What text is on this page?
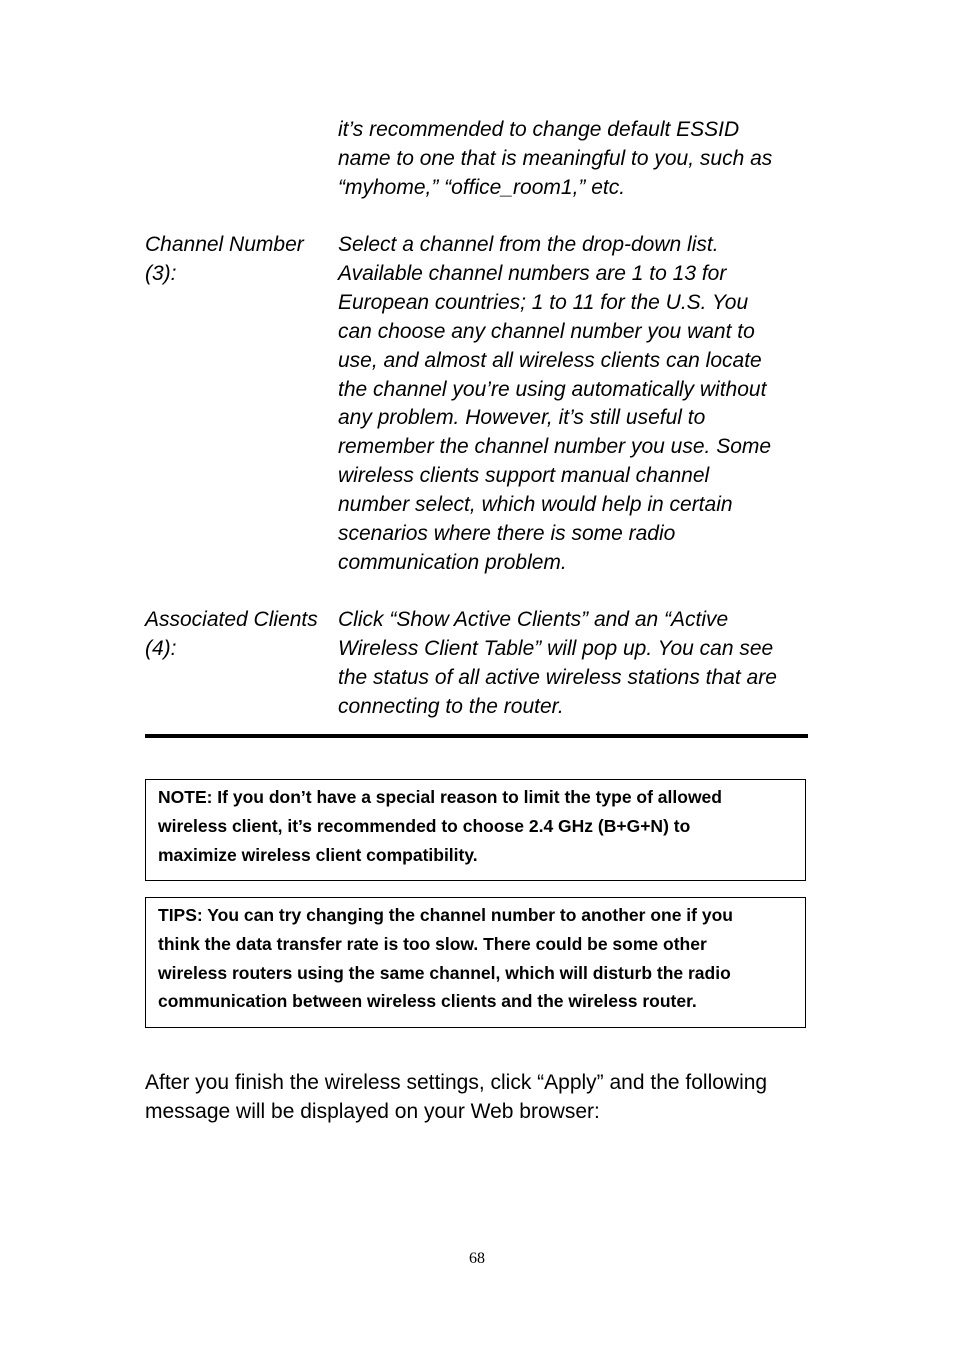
it’s recommended to change default ESSID
name to one that is meaningful to you, such as
“myhome,” “office_room1,” etc.
Channel Number
(3):
Select a channel from the drop-down list.
Available channel numbers are 1 to 13 for
European countries; 1 to 11 for the U.S. You
can choose any channel number you want to
use, and almost all wireless clients can locate
the channel you’re using automatically without
any problem. However, it’s still useful to
remember the channel number you use. Some
wireless clients support manual channel
number select, which would help in certain
scenarios where there is some radio
communication problem.
Associated Clients
(4):
Click “Show Active Clients” and an “Active
Wireless Client Table” will pop up. You can see
the status of all active wireless stations that are
connecting to the router.
NOTE: If you don’t have a special reason to limit the type of allowed
wireless client, it’s recommended to choose 2.4 GHz (B+G+N) to
maximize wireless client compatibility.
TIPS: You can try changing the channel number to another one if you
think the data transfer rate is too slow. There could be some other
wireless routers using the same channel, which will disturb the radio
communication between wireless clients and the wireless router.
After you finish the wireless settings, click “Apply” and the following
message will be displayed on your Web browser:
68
